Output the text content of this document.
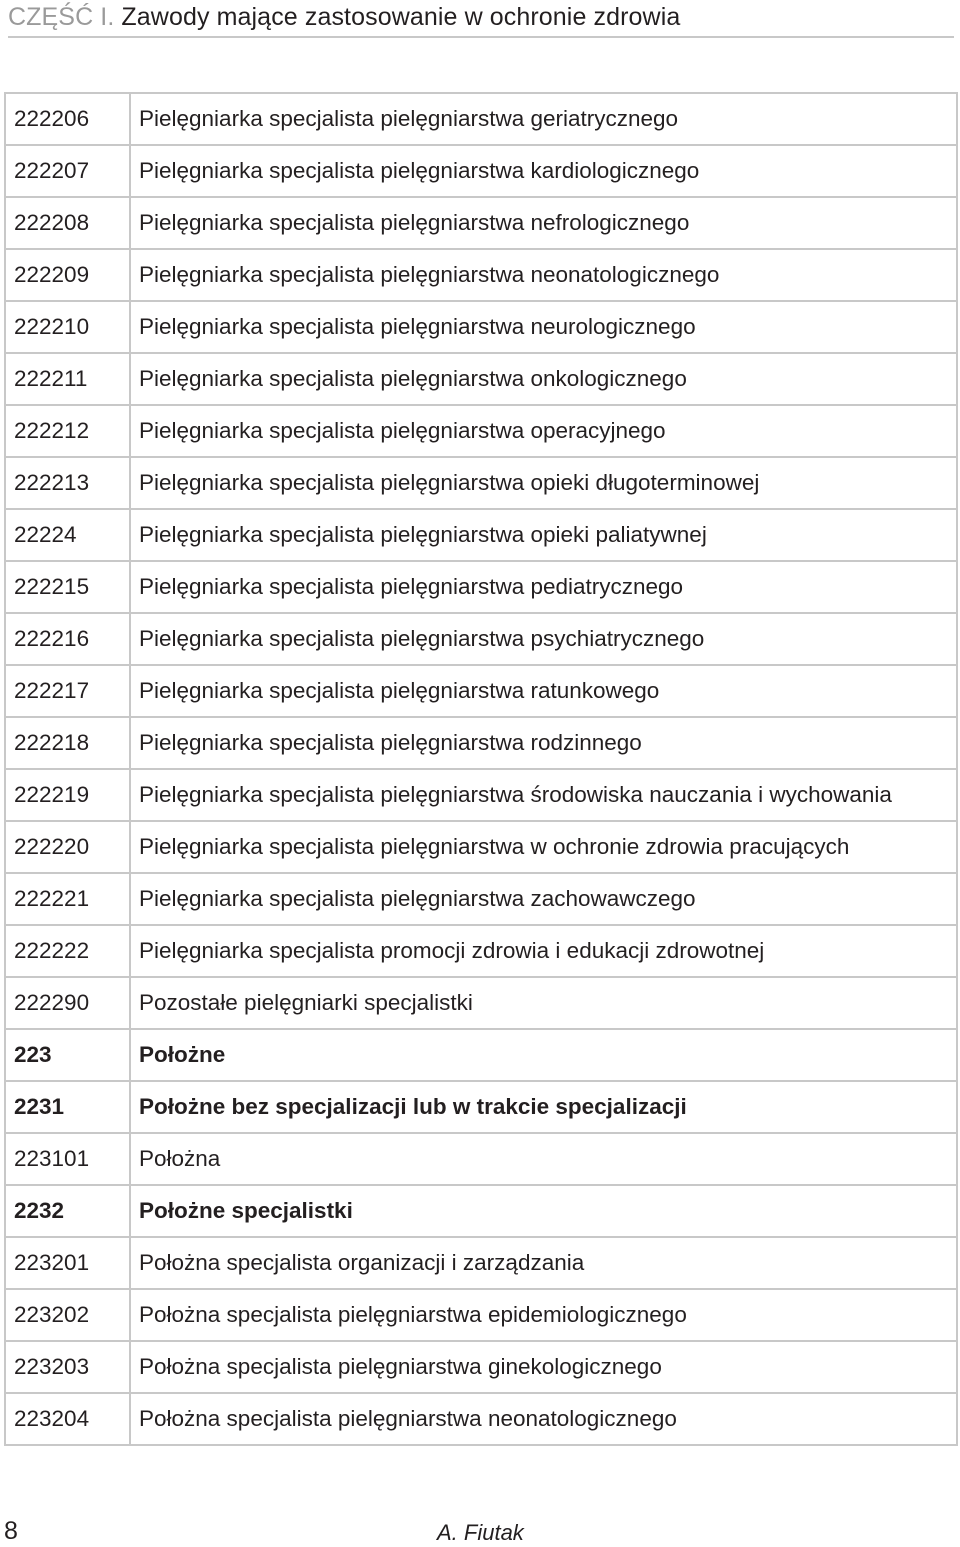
CZĘŚĆ I. Zawody mające zastosowanie w ochronie zdrowia
222206	Pielęgniarka specjalista pielęgniarstwa geriatrycznego
222207	Pielęgniarka specjalista pielęgniarstwa kardiologicznego
222208	Pielęgniarka specjalista pielęgniarstwa nefrologicznego
222209	Pielęgniarka specjalista pielęgniarstwa neonatologicznego
222210	Pielęgniarka specjalista pielęgniarstwa neurologicznego
222211	Pielęgniarka specjalista pielęgniarstwa onkologicznego
222212	Pielęgniarka specjalista pielęgniarstwa operacyjnego
222213	Pielęgniarka specjalista pielęgniarstwa opieki długoterminowej
22224	Pielęgniarka specjalista pielęgniarstwa opieki paliatywnej
222215	Pielęgniarka specjalista pielęgniarstwa pediatrycznego
222216	Pielęgniarka specjalista pielęgniarstwa psychiatrycznego
222217	Pielęgniarka specjalista pielęgniarstwa ratunkowego
222218	Pielęgniarka specjalista pielęgniarstwa rodzinnego
222219	Pielęgniarka specjalista pielęgniarstwa środowiska nauczania i wychowania
222220	Pielęgniarka specjalista pielęgniarstwa w ochronie zdrowia pracujących
222221	Pielęgniarka specjalista pielęgniarstwa zachowawczego
222222	Pielęgniarka specjalista promocji zdrowia i edukacji zdrowotnej
222290	Pozostałe pielęgniarki specjalistki
223	Położne
2231	Położne bez specjalizacji lub w trakcie specjalizacji
223101	Położna
2232	Położne specjalistki
223201	Położna specjalista organizacji i zarządzania
223202	Położna specjalista pielęgniarstwa epidemiologicznego
223203	Położna specjalista pielęgniarstwa ginekologicznego
223204	Położna specjalista pielęgniarstwa neonatologicznego
8	A. Fiutak
